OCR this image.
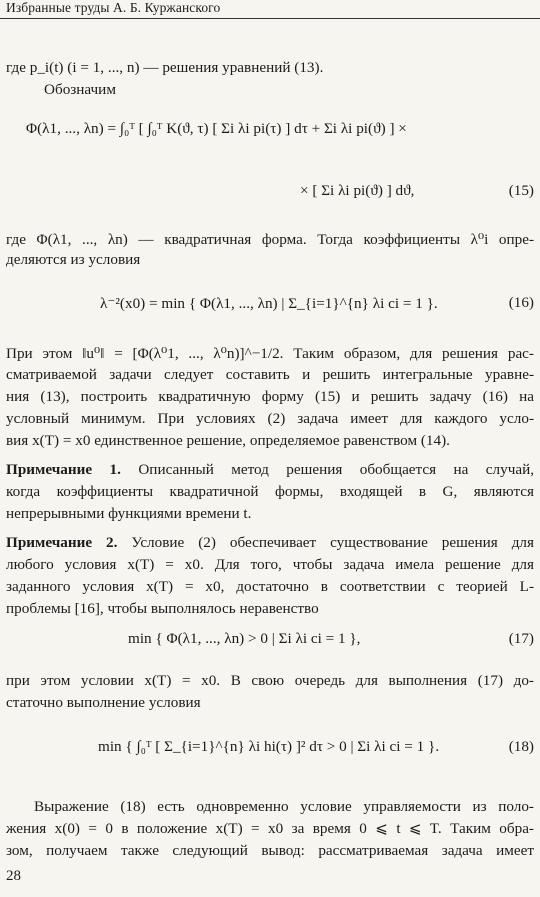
Избранные труды А. Б. Куржанского
где p_i(t) (i = 1, ..., n) — решения уравнений (13).
Обозначим
Φ(λ1, ..., λn) = ∫₀ᵀ [ ∫₀ᵀ K(ϑ, τ) [ Σi λi pi(τ) ] dτ + Σi λi pi(ϑ) ] ×
× [ Σi λi pi(ϑ) ] dϑ,	(15)
где Φ(λ1, ..., λn) — квадратичная форма. Тогда коэффициенты λ⁰i опре-
деляются из условия
λ⁻²(x0) = min { Φ(λ1, ..., λn) | Σ_{i=1}^{n} λi ci = 1 }.	(16)
При этом ‖u⁰‖ = [Φ(λ⁰1, ..., λ⁰n)]^−1/2. Таким образом, для решения рас-
сматриваемой задачи следует составить и решить интегральные уравне-
ния (13), построить квадратичную форму (15) и решить задачу (16) на
условный минимум. При условиях (2) задача имеет для каждого усло-
вия x(T) = x0 единственное решение, определяемое равенством (14).
Примечание 1. Описанный метод решения обобщается на случай,
когда коэффициенты квадратичной формы, входящей в G, являются
непрерывными функциями времени t.
Примечание 2. Условие (2) обеспечивает существование решения для
любого условия x(T) = x0. Для того, чтобы задача имела решение для
заданного условия x(T) = x0, достаточно в соответствии с теорией L-
проблемы [16], чтобы выполнялось неравенство
min { Φ(λ1, ..., λn) > 0 | Σi λi ci = 1 },	(17)
при этом условии x(T) = x0. В свою очередь для выполнения (17) до-
статочно выполнение условия
min { ∫₀ᵀ [ Σ_{i=1}^{n} λi hi(τ) ]² dτ > 0 | Σi λi ci = 1 }.	(18)
Выражение (18) есть одновременно условие управляемости из поло-
жения x(0) = 0 в положение x(T) = x0 за время 0 ⩽ t ⩽ T. Таким обра-
зом, получаем также следующий вывод: рассматриваемая задача имеет
28
